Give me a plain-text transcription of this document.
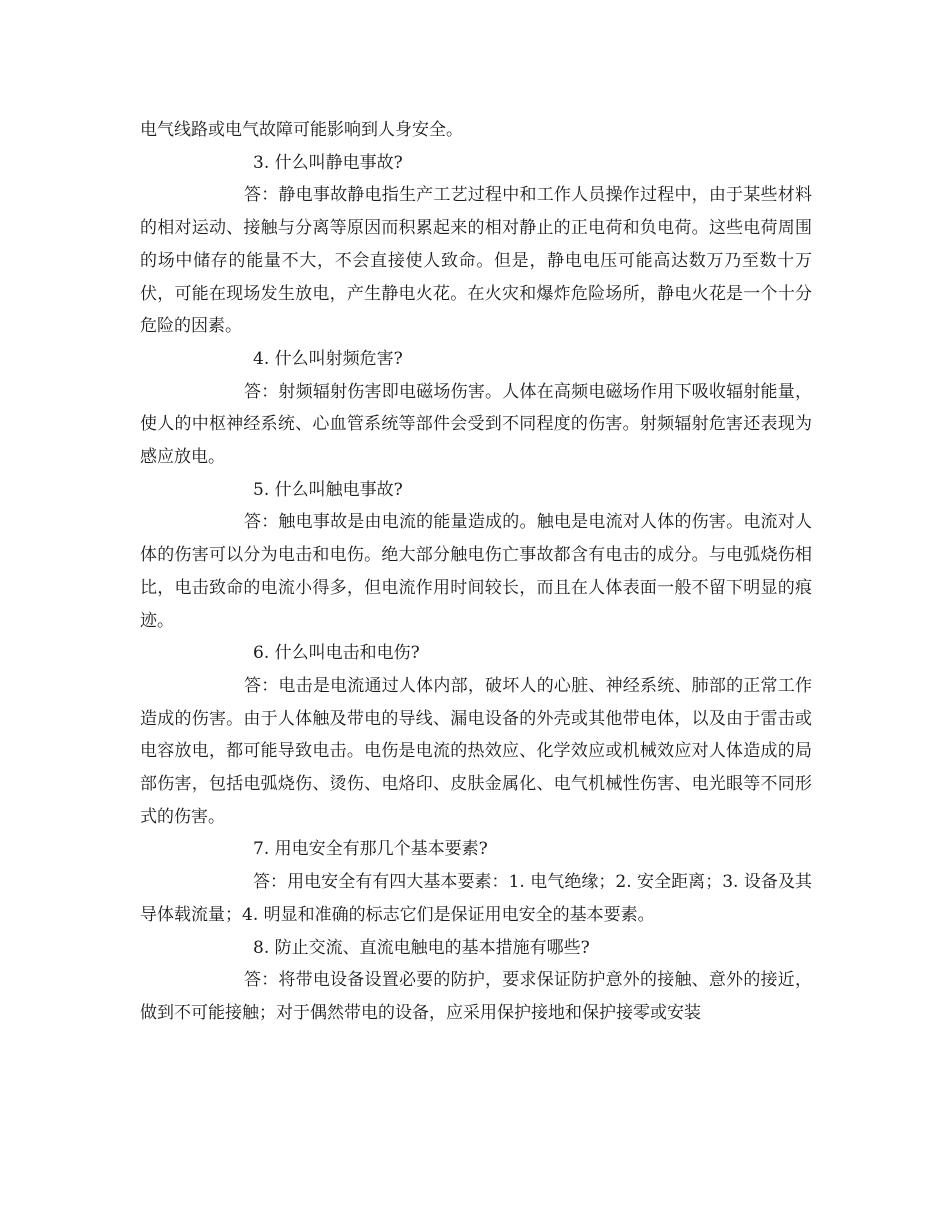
电气线路或电气故障可能影响到人身安全。

3. 什么叫静电事故?

答：静电事故静电指生产工艺过程中和工作人员操作过程中，由于某些材料的相对运动、接触与分离等原因而积累起来的相对静止的正电荷和负电荷。这些电荷周围的场中储存的能量不大，不会直接使人致命。但是，静电电压可能高达数万乃至数十万伏，可能在现场发生放电，产生静电火花。在火灾和爆炸危险场所，静电火花是一个十分危险的因素。

4. 什么叫射频危害?

答：射频辐射伤害即电磁场伤害。人体在高频电磁场作用下吸收辐射能量，使人的中枢神经系统、心血管系统等部件会受到不同程度的伤害。射频辐射危害还表现为感应放电。

5. 什么叫触电事故?

答：触电事故是由电流的能量造成的。触电是电流对人体的伤害。电流对人体的伤害可以分为电击和电伤。绝大部分触电伤亡事故都含有电击的成分。与电弧烧伤相比，电击致命的电流小得多，但电流作用时间较长，而且在人体表面一般不留下明显的痕迹。

6. 什么叫电击和电伤?

答：电击是电流通过人体内部，破坏人的心脏、神经系统、肺部的正常工作造成的伤害。由于人体触及带电的导线、漏电设备的外壳或其他带电体，以及由于雷击或电容放电，都可能导致电击。电伤是电流的热效应、化学效应或机械效应对人体造成的局部伤害，包括电弧烧伤、烫伤、电烙印、皮肤金属化、电气机械性伤害、电光眼等不同形式的伤害。

7. 用电安全有那几个基本要素?

答：用电安全有有四大基本要素：1. 电气绝缘；2. 安全距离；3. 设备及其导体载流量；4. 明显和准确的标志它们是保证用电安全的基本要素。

8. 防止交流、直流电触电的基本措施有哪些?

答：将带电设备设置必要的防护，要求保证防护意外的接触、意外的接近，做到不可能接触；对于偶然带电的设备，应采用保护接地和保护接零或安装
